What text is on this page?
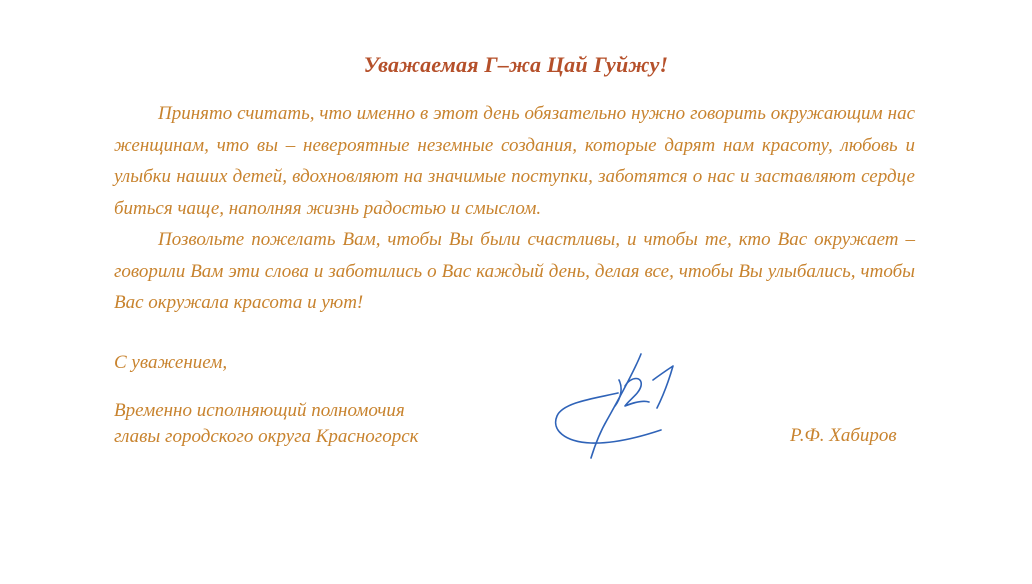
Уважаемая Г–жа Цай Гуйжу!

Принято считать, что именно в этот день обязательно нужно говорить окружающим нас женщинам, что вы – невероятные неземные создания, которые дарят нам красоту, любовь и улыбки наших детей, вдохновляют на значимые поступки, заботятся о нас и заставляют сердце биться чаще, наполняя жизнь радостью и смыслом.

Позвольте пожелать Вам, чтобы Вы были счастливы, и чтобы те, кто Вас окружает – говорили Вам эти слова и заботились о Вас каждый день, делая все, чтобы Вы улыбались, чтобы Вас окружала красота и уют!

С уважением,
Временно исполняющий полномочия
главы городского округа Красногорск	Р.Ф. Хабиров
